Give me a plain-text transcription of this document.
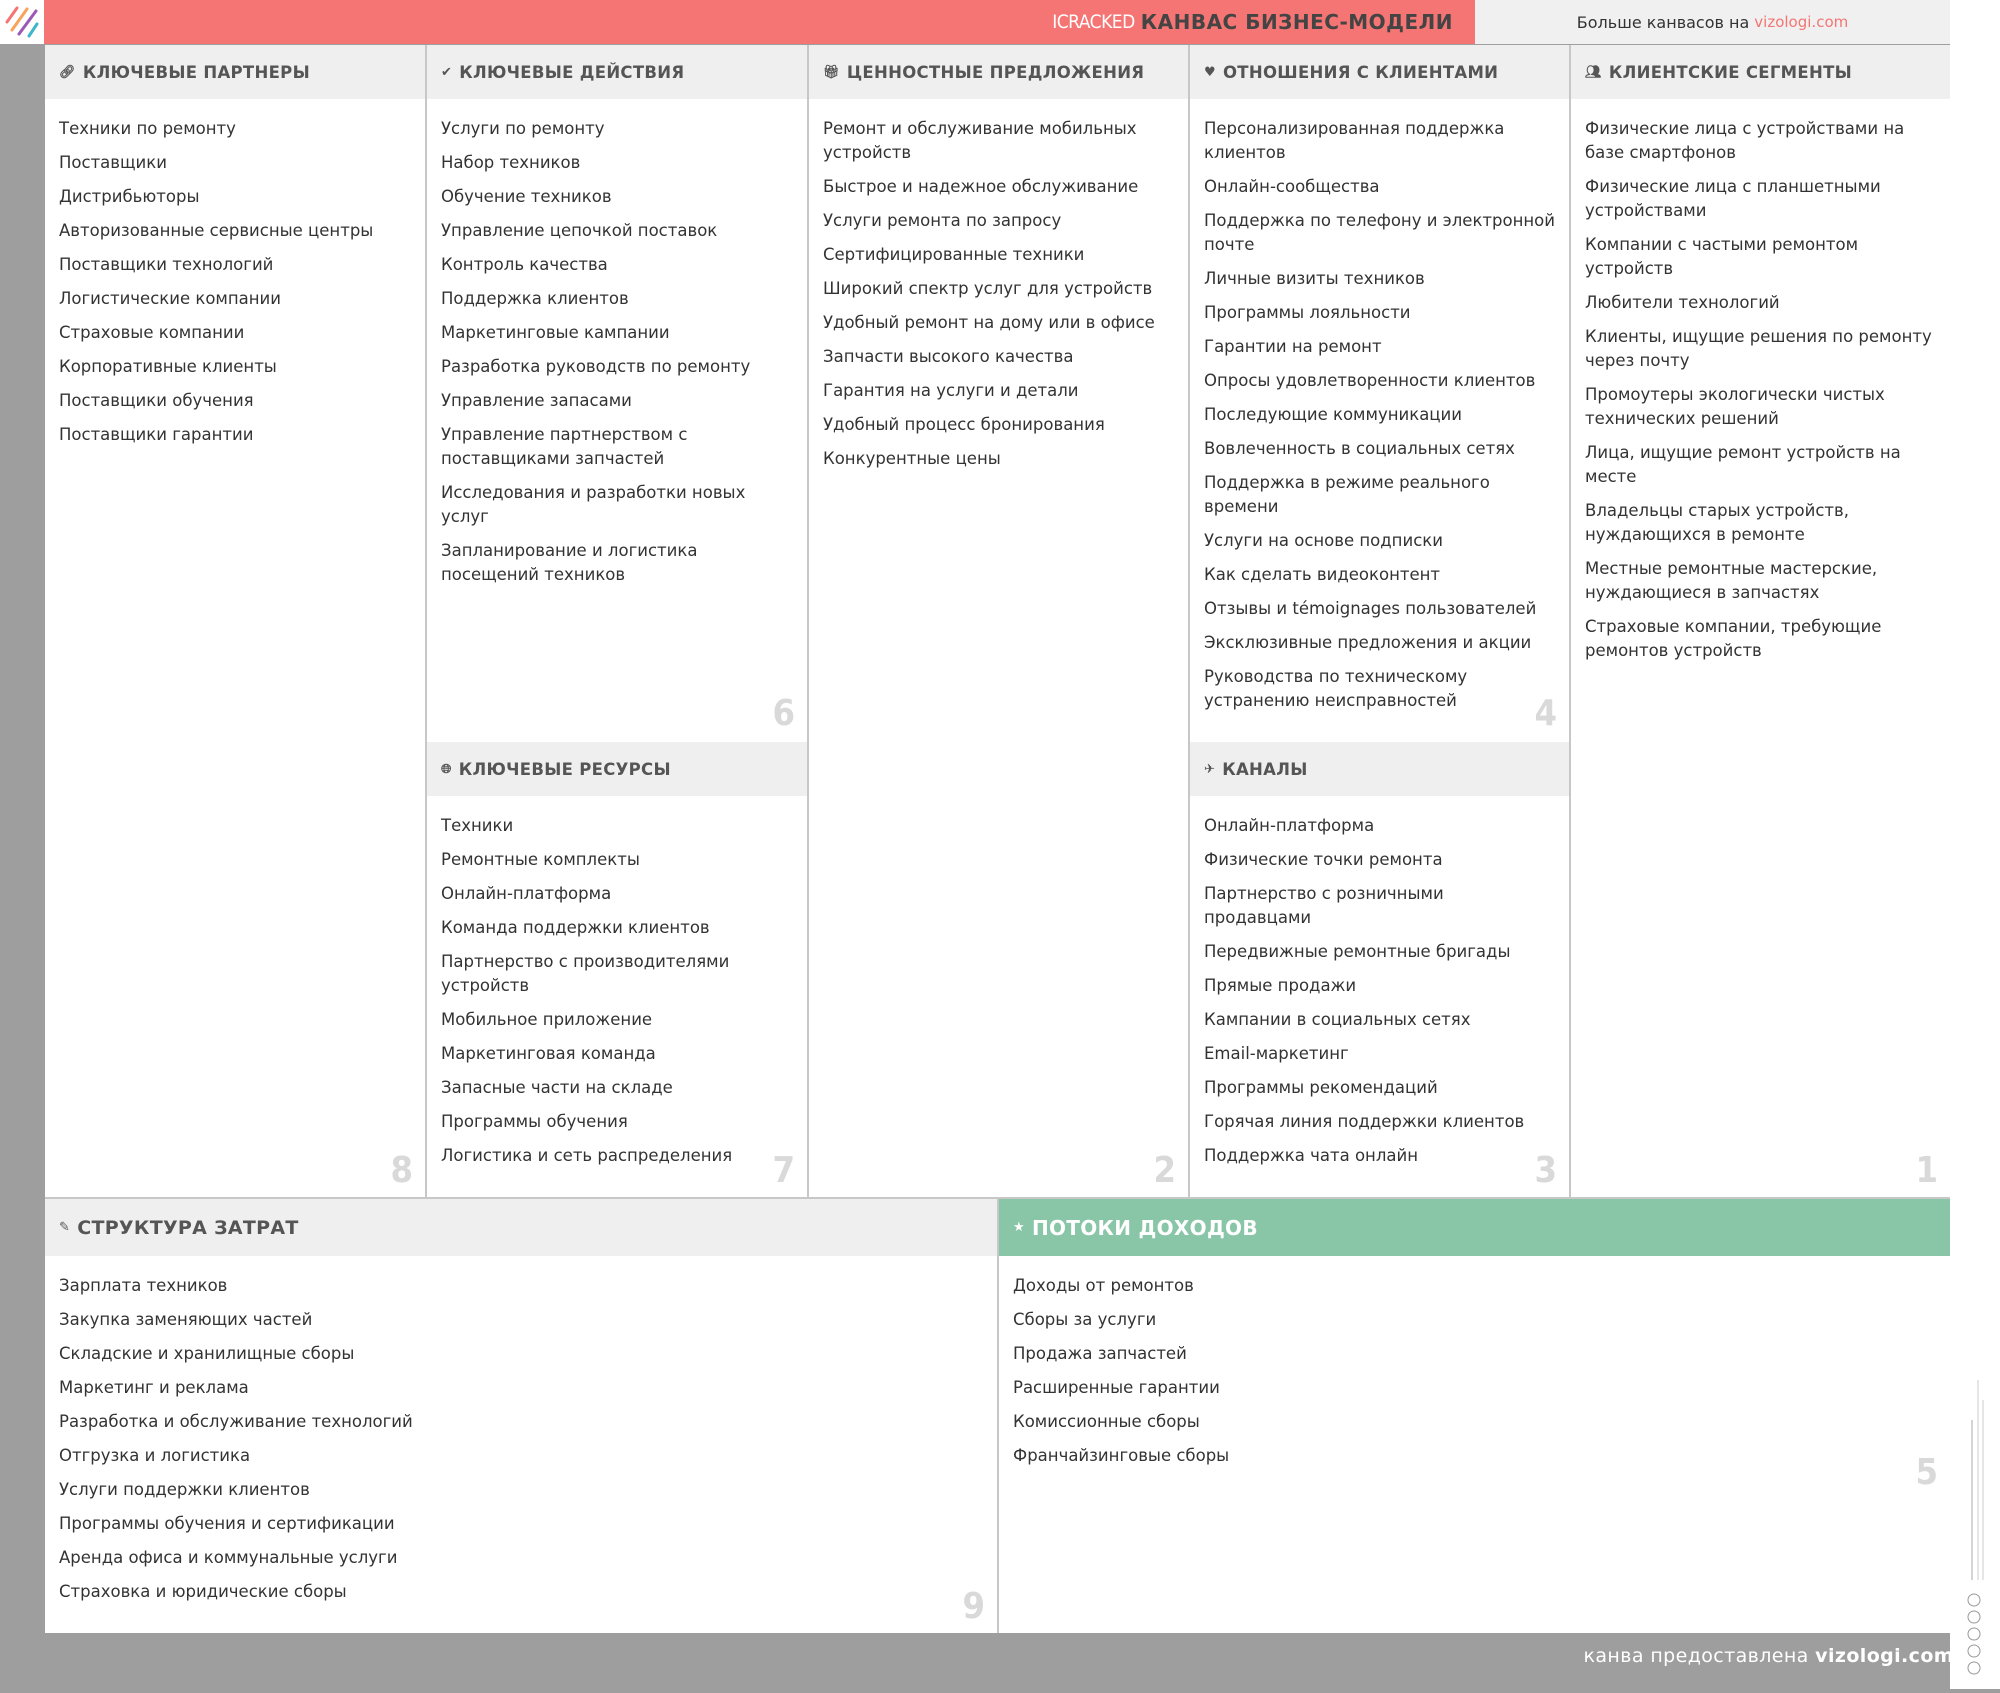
ICRACKED КАНВАС БИЗНЕС-МОДЕЛИ	Больше канвасов на vizologi.com
🔗︎ КЛЮЧЕВЫЕ ПАРТНЕРЫ
Техники по ремонту
Поставщики
Дистрибьюторы
Авторизованные сервисные центры
Поставщики технологий
Логистические компании
Страховые компании
Корпоративные клиенты
Поставщики обучения
Поставщики гарантии
8
✔ КЛЮЧЕВЫЕ ДЕЙСТВИЯ
Услуги по ремонту
Набор техников
Обучение техников
Управление цепочкой поставок
Контроль качества
Поддержка клиентов
Маркетинговые кампании
Разработка руководств по ремонту
Управление запасами
Управление партнерством с поставщиками запчастей
Исследования и разработки новых услуг
Запланирование и логистика посещений техников
6
🌐︎ КЛЮЧЕВЫЕ РЕСУРСЫ
Техники
Ремонтные комплекты
Онлайн-платформа
Команда поддержки клиентов
Партнерство с производителями устройств
Мобильное приложение
Маркетинговая команда
Запасные части на складе
Программы обучения
Логистика и сеть распределения	7
🎁︎ ЦЕННОСТНЫЕ ПРЕДЛОЖЕНИЯ
Ремонт и обслуживание мобильных устройств
Быстрое и надежное обслуживание
Услуги ремонта по запросу
Сертифицированные техники
Широкий спектр услуг для устройств
Удобный ремонт на дому или в офисе
Запчасти высокого качества
Гарантия на услуги и детали
Удобный процесс бронирования
Конкурентные цены
2
♥ ОТНОШЕНИЯ С КЛИЕНТАМИ
Персонализированная поддержка клиентов
Онлайн-сообщества
Поддержка по телефону и электронной почте
Личные визиты техников
Программы лояльности
Гарантии на ремонт
Опросы удовлетворенности клиентов
Последующие коммуникации
Вовлеченность в социальных сетях
Поддержка в режиме реального времени
Услуги на основе подписки
Как сделать видеоконтент
Отзывы и témoignages пользователей
Эксклюзивные предложения и акции
Руководства по техническому устранению неисправностей	4
✈ КАНАЛЫ
Онлайн-платформа
Физические точки ремонта
Партнерство с розничными продавцами
Передвижные ремонтные бригады
Прямые продажи
Кампании в социальных сетях
Email-маркетинг
Программы рекомендаций
Горячая линия поддержки клиентов
Поддержка чата онлайн	3
👥︎ КЛИЕНТСКИЕ СЕГМЕНТЫ
Физические лица с устройствами на базе смартфонов
Физические лица с планшетными устройствами
Компании с частыми ремонтом устройств
Любители технологий
Клиенты, ищущие решения по ремонту через почту
Промоутеры экологически чистых технических решений
Лица, ищущие ремонт устройств на месте
Владельцы старых устройств, нуждающихся в ремонте
Местные ремонтные мастерские, нуждающиеся в запчастях
Страховые компании, требующие ремонтов устройств
1
✎ СТРУКТУРА ЗАТРАТ
Зарплата техников
Закупка заменяющих частей
Складские и хранилищные сборы
Маркетинг и реклама
Разработка и обслуживание технологий
Отгрузка и логистика
Услуги поддержки клиентов
Программы обучения и сертификации
Аренда офиса и коммунальные услуги
Страховка и юридические сборы	9
★ ПОТОКИ ДОХОДОВ
Доходы от ремонтов
Сборы за услуги
Продажа запчастей
Расширенные гарантии
Комиссионные сборы
Франчайзинговые сборы	5
канва предоставлена vizologi.com
